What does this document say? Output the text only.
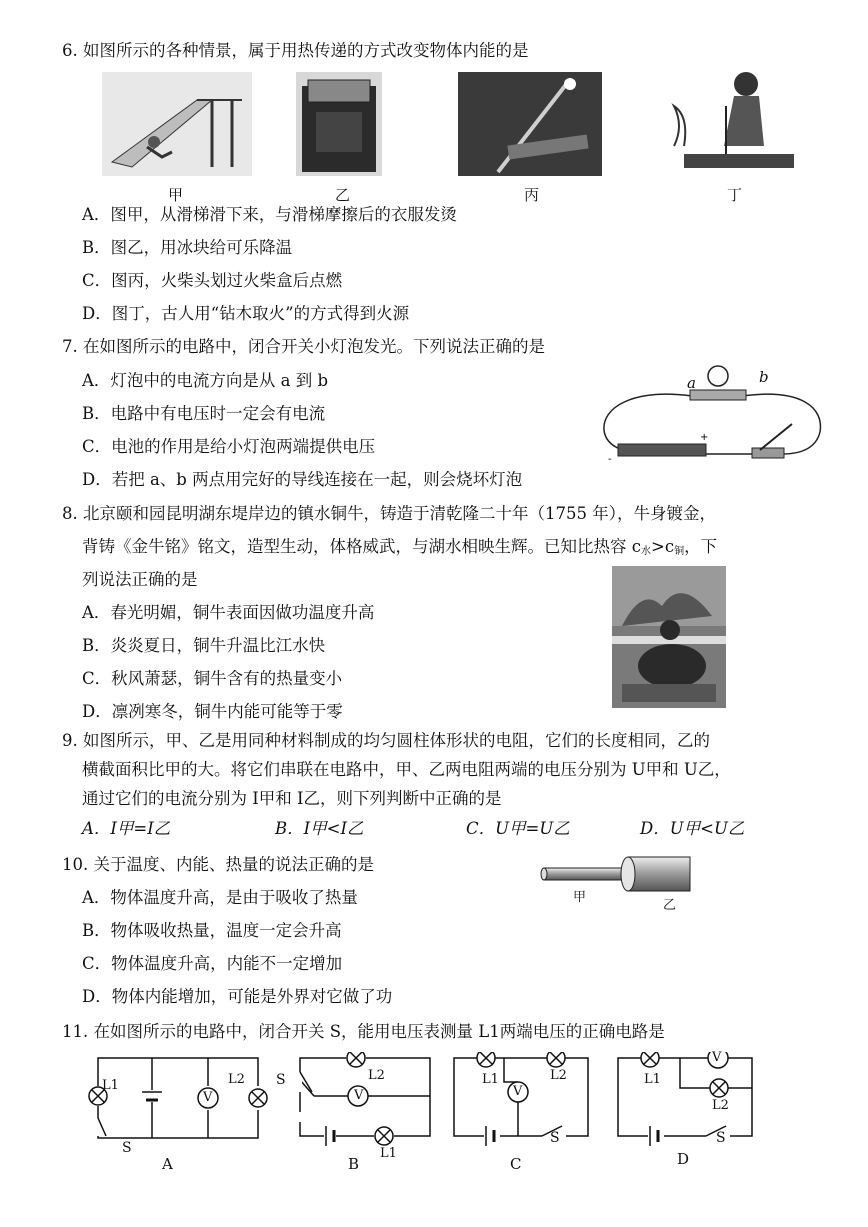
6. 如图所示的各种情景，属于用热传递的方式改变物体内能的是
甲	乙	丙	丁
A．图甲，从滑梯滑下来，与滑梯摩擦后的衣服发烫
B．图乙，用冰块给可乐降温
C．图丙，火柴头划过火柴盒后点燃
D．图丁，古人用“钻木取火”的方式得到火源
7. 在如图所示的电路中，闭合开关小灯泡发光。下列说法正确的是
A．灯泡中的电流方向是从 a 到 b
B．电路中有电压时一定会有电流
C．电池的作用是给小灯泡两端提供电压
D．若把 a、b 两点用完好的导线连接在一起，则会烧坏灯泡
-
+
a	b
8. 北京颐和园昆明湖东堤岸边的镇水铜牛，铸造于清乾隆二十年（1755 年），牛身镀金，
背铸《金牛铭》铭文，造型生动，体格威武，与湖水相映生辉。已知比热容 $c_水>c_铜$，下
列说法正确的是
A．春光明媚，铜牛表面因做功温度升高
B．炎炎夏日，铜牛升温比江水快
C．秋风萧瑟，铜牛含有的热量变小
D．凛冽寒冬，铜牛内能可能等于零
9. 如图所示，甲、乙是用同种材料制成的均匀圆柱体形状的电阻，它们的长度相同，乙的
横截面积比甲的大。将它们串联在电路中，甲、乙两电阻两端的电压分别为 U甲和 U乙，
通过它们的电流分别为 I甲和 I乙，则下列判断中正确的是
A．I甲=I乙	B．I甲<I乙	C．U甲=U乙	D．U甲<U乙
10. 关于温度、内能、热量的说法正确的是
A．物体温度升高，是由于吸收了热量
B．物体吸收热量，温度一定会升高
C．物体温度升高，内能不一定增加
D．物体内能增加，可能是外界对它做了功
甲
乙
11. 在如图所示的电路中，闭合开关 S，能用电压表测量 L1两端电压的正确电路是
V
L1	L2
S
A
V
L2
L1
S
B
V
L1	L2
S
C
V
L1
L2
S
D
